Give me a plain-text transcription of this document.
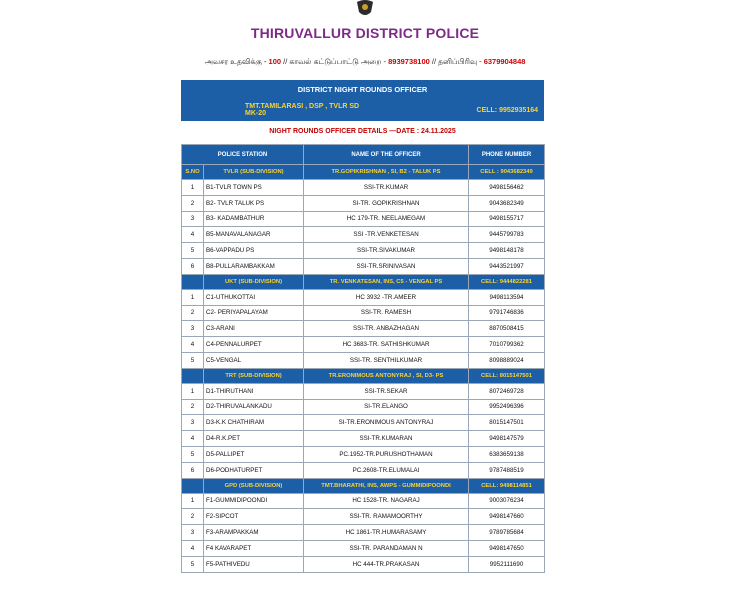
THIRUVALLUR DISTRICT POLICE
அவசர உதவிக்கு - 100 // காவல் கட்டுப்பாட்டு அறை - 8939738100 // தனிப்பிரிவு - 6379904848
DISTRICT NIGHT ROUNDS OFFICER
TMT.TAMILARASI , DSP , TVLR SD MK-20	CELL: 9952935164
NIGHT ROUNDS OFFICER DETAILS —DATE : 24.11.2025
POLICE STATION		NAME OF THE OFFICER	PHONE NUMBER
S.NO	TVLR (SUB-DIVISION)	TR.GOPIKRISHNAN , SI, B2 - TALUK PS	CELL : 9043682349
1	B1-TVLR TOWN PS	SSI-TR.KUMAR	9498156462
2	B2- TVLR TALUK PS	SI-TR. GOPIKRISHNAN	9043682349
3	B3- KADAMBATHUR	HC 179-TR. NEELAMEGAM	9498155717
4	B5-MANAVALANAGAR	SSI -TR.VENKETESAN	9445799783
5	B6-VAPPADU PS	SSI-TR.SIVAKUMAR	9498148178
6	B8-PULLARAMBAKKAM	SSI-TR.SRINIVASAN	9443521997
	UKT (SUB-DIVISION)	TR. VENKATESAN, INS, C5 - VENGAL PS	CELL: 9444822281
1	C1-UTHUKOTTAI	HC 3932 -TR.AMEER	9498113594
2	C2- PERIYAPALAYAM	SSI-TR. RAMESH	9791746836
3	C3-ARANI	SSI-TR. ANBAZHAGAN	8870508415
4	C4-PENNALURPET	HC 3683-TR. SATHISHKUMAR	7010799362
5	C5-VENGAL	SSI-TR. SENTHILKUMAR	8098889024
	TRT (SUB-DIVISION)	TR.ERONIMOUS ANTONYRAJ , SI, D3- PS	CELL: 8015147501
1	D1-THIRUTHANI	SSI-TR.SEKAR	8072469728
2	D2-THIRUVALANKADU	SI-TR.ELANGO	9952496396
3	D3-K.K CHATHIRAM	SI-TR.ERONIMOUS ANTONYRAJ	8015147501
4	D4-R.K.PET	SSI-TR.KUMARAN	9498147579
5	D5-PALLIPET	PC.1952-TR.PURUSHOTHAMAN	6383659138
6	D6-PODHATURPET	PC.2608-TR.ELUMALAI	9787488519
	GPD (SUB-DIVISION)	TMT.BHARATHI, INS, AWPS - GUMMIDIPOONDI	CELL: 9498114851
1	F1-GUMMIDIPOONDI	HC 1528-TR. NAGARAJ	9003076234
2	F2-SIPCOT	SSI-TR. RAMAMOORTHY	9498147660
3	F3-ARAMPAKKAM	HC 1861-TR.HUMARASAMY	9789785684
4	F4 KAVARAPET	SSI-TR. PARANDAMAN N	9498147650
5	F5-PATHIVEDU	HC 444-TR.PRAKASAN	9952111690
